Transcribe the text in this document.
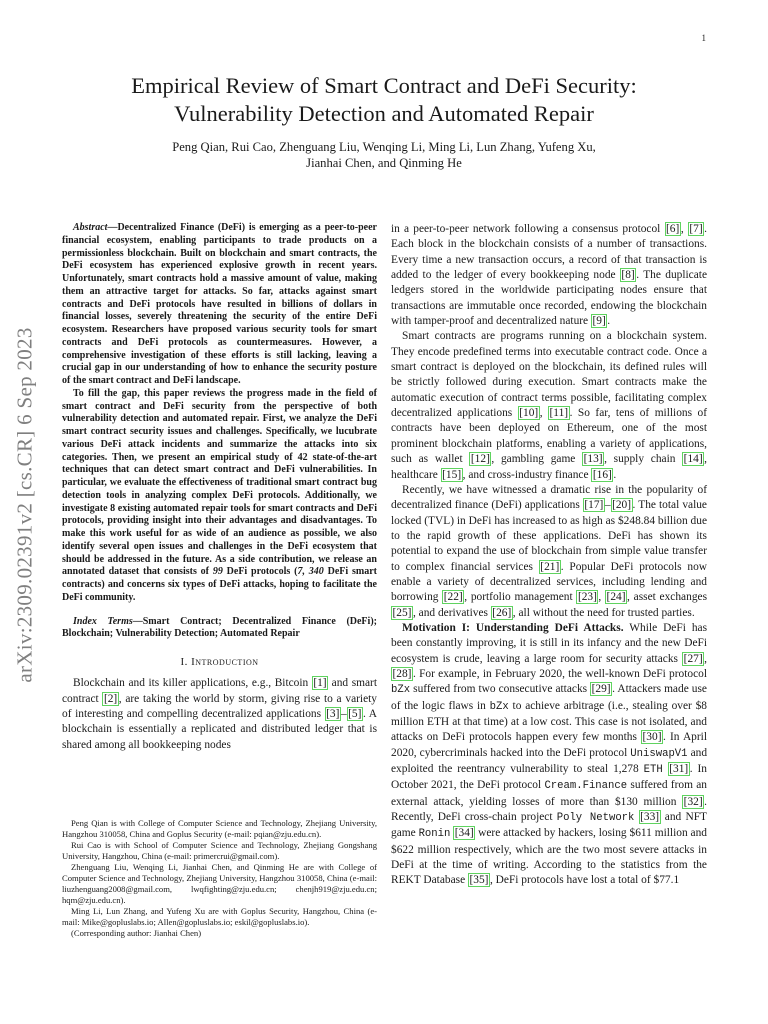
1
arXiv:2309.02391v2 [cs.CR] 6 Sep 2023
Empirical Review of Smart Contract and DeFi Security:
Vulnerability Detection and Automated Repair
Peng Qian, Rui Cao, Zhenguang Liu, Wenqing Li, Ming Li, Lun Zhang, Yufeng Xu,
Jianhai Chen, and Qinming He

Abstract—Decentralized Finance (DeFi) is emerging as a peer-to-peer financial ecosystem, enabling participants to trade products on a permissionless blockchain. Built on blockchain and smart contracts, the DeFi ecosystem has experienced explosive growth in recent years. Unfortunately, smart contracts hold a massive amount of value, making them an attractive target for attacks. So far, attacks against smart contracts and DeFi protocols have resulted in billions of dollars in financial losses, severely threatening the security of the entire DeFi ecosystem. Researchers have proposed various security tools for smart contracts and DeFi protocols as countermeasures. However, a comprehensive investigation of these efforts is still lacking, leaving a crucial gap in our understanding of how to enhance the security posture of the smart contract and DeFi landscape.

To fill the gap, this paper reviews the progress made in the field of smart contract and DeFi security from the perspective of both vulnerability detection and automated repair. First, we analyze the DeFi smart contract security issues and challenges. Specifically, we lucubrate various DeFi attack incidents and summarize the attacks into six categories. Then, we present an empirical study of 42 state-of-the-art techniques that can detect smart contract and DeFi vulnerabilities. In particular, we evaluate the effectiveness of traditional smart contract bug detection tools in analyzing complex DeFi protocols. Additionally, we investigate 8 existing automated repair tools for smart contracts and DeFi protocols, providing insight into their advantages and disadvantages. To make this work useful for as wide of an audience as possible, we also identify several open issues and challenges in the DeFi ecosystem that should be addressed in the future. As a side contribution, we release an annotated dataset that consists of 99 DeFi protocols (7, 340 DeFi smart contracts) and concerns six types of DeFi attacks, hoping to facilitate the DeFi community.

Index Terms—Smart Contract; Decentralized Finance (DeFi); Blockchain; Vulnerability Detection; Automated Repair

I. Introduction

Blockchain and its killer applications, e.g., Bitcoin [1] and smart contract [2] , are taking the world by storm, giving rise to a variety of interesting and compelling decentralized applications [3] – [5] . A blockchain is essentially a replicated and distributed ledger that is shared among all bookkeeping nodes

Peng Qian is with College of Computer Science and Technology, Zhejiang University, Hangzhou 310058, China and Goplus Security (e-mail: pqian@zju.edu.cn).

Rui Cao is with School of Computer Science and Technology, Zhejiang Gongshang University, Hangzhou, China (e-mail: primercrui@gmail.com).

Zhenguang Liu, Wenqing Li, Jianhai Chen, and Qinming He are with College of Computer Science and Technology, Zhejiang University, Hangzhou 310058, China (e-mail: liuzhenguang2008@gmail.com, lwqfighting@zju.edu.cn; chenjh919@zju.edu.cn; hqm@zju.edu.cn).

Ming Li, Lun Zhang, and Yufeng Xu are with Goplus Security, Hangzhou, China (e-mail: Mike@gopluslabs.io; Allen@gopluslabs.io; eskil@gopluslabs.io).

(Corresponding author: Jianhai Chen)

in a peer-to-peer network following a consensus protocol [6] , [7] . Each block in the blockchain consists of a number of transactions. Every time a new transaction occurs, a record of that transaction is added to the ledger of every bookkeeping node [8] . The duplicate ledgers stored in the worldwide participating nodes ensure that transactions are immutable once recorded, endowing the blockchain with tamper-proof and decentralized nature [9] .

Smart contracts are programs running on a blockchain system. They encode predefined terms into executable contract code. Once a smart contract is deployed on the blockchain, its defined rules will be strictly followed during execution. Smart contracts make the automatic execution of contract terms possible, facilitating complex decentralized applications [10] , [11] . So far, tens of millions of contracts have been deployed on Ethereum, one of the most prominent blockchain platforms, enabling a variety of applications, such as wallet [12] , gambling game [13] , supply chain [14] , healthcare [15] , and cross-industry finance [16] .

Recently, we have witnessed a dramatic rise in the popularity of decentralized finance (DeFi) applications [17] – [20] . The total value locked (TVL) in DeFi has increased to as high as $248.84 billion due to the rapid growth of these applications. DeFi has shown its potential to expand the use of blockchain from simple value transfer to complex financial services [21] . Popular DeFi protocols now enable a variety of decentralized services, including lending and borrowing [22] , portfolio management [23] , [24] , asset exchanges [25] , and derivatives [26] , all without the need for trusted parties.

Motivation I: Understanding DeFi Attacks. While DeFi has been constantly improving, it is still in its infancy and the new DeFi ecosystem is crude, leaving a large room for security attacks [27] , [28] . For example, in February 2020, the well-known DeFi protocol bZx suffered from two consecutive attacks [29] . Attackers made use of the logic flaws in bZx to achieve arbitrage (i.e., stealing over $8 million ETH at that time) at a low cost. This case is not isolated, and attacks on DeFi protocols happen every few months [30] . In April 2020, cybercriminals hacked into the DeFi protocol UniswapV1 and exploited the reentrancy vulnerability to steal 1,278 ETH [31] . In October 2021, the DeFi protocol Cream.Finance suffered from an external attack, yielding losses of more than $130 million [32] . Recently, DeFi cross-chain project Poly Network [33] and NFT game Ronin [34] were attacked by hackers, losing $611 million and $622 million respectively, which are the two most severe attacks in DeFi at the time of writing. According to the statistics from the REKT Database [35] , DeFi protocols have lost a total of $77.1
